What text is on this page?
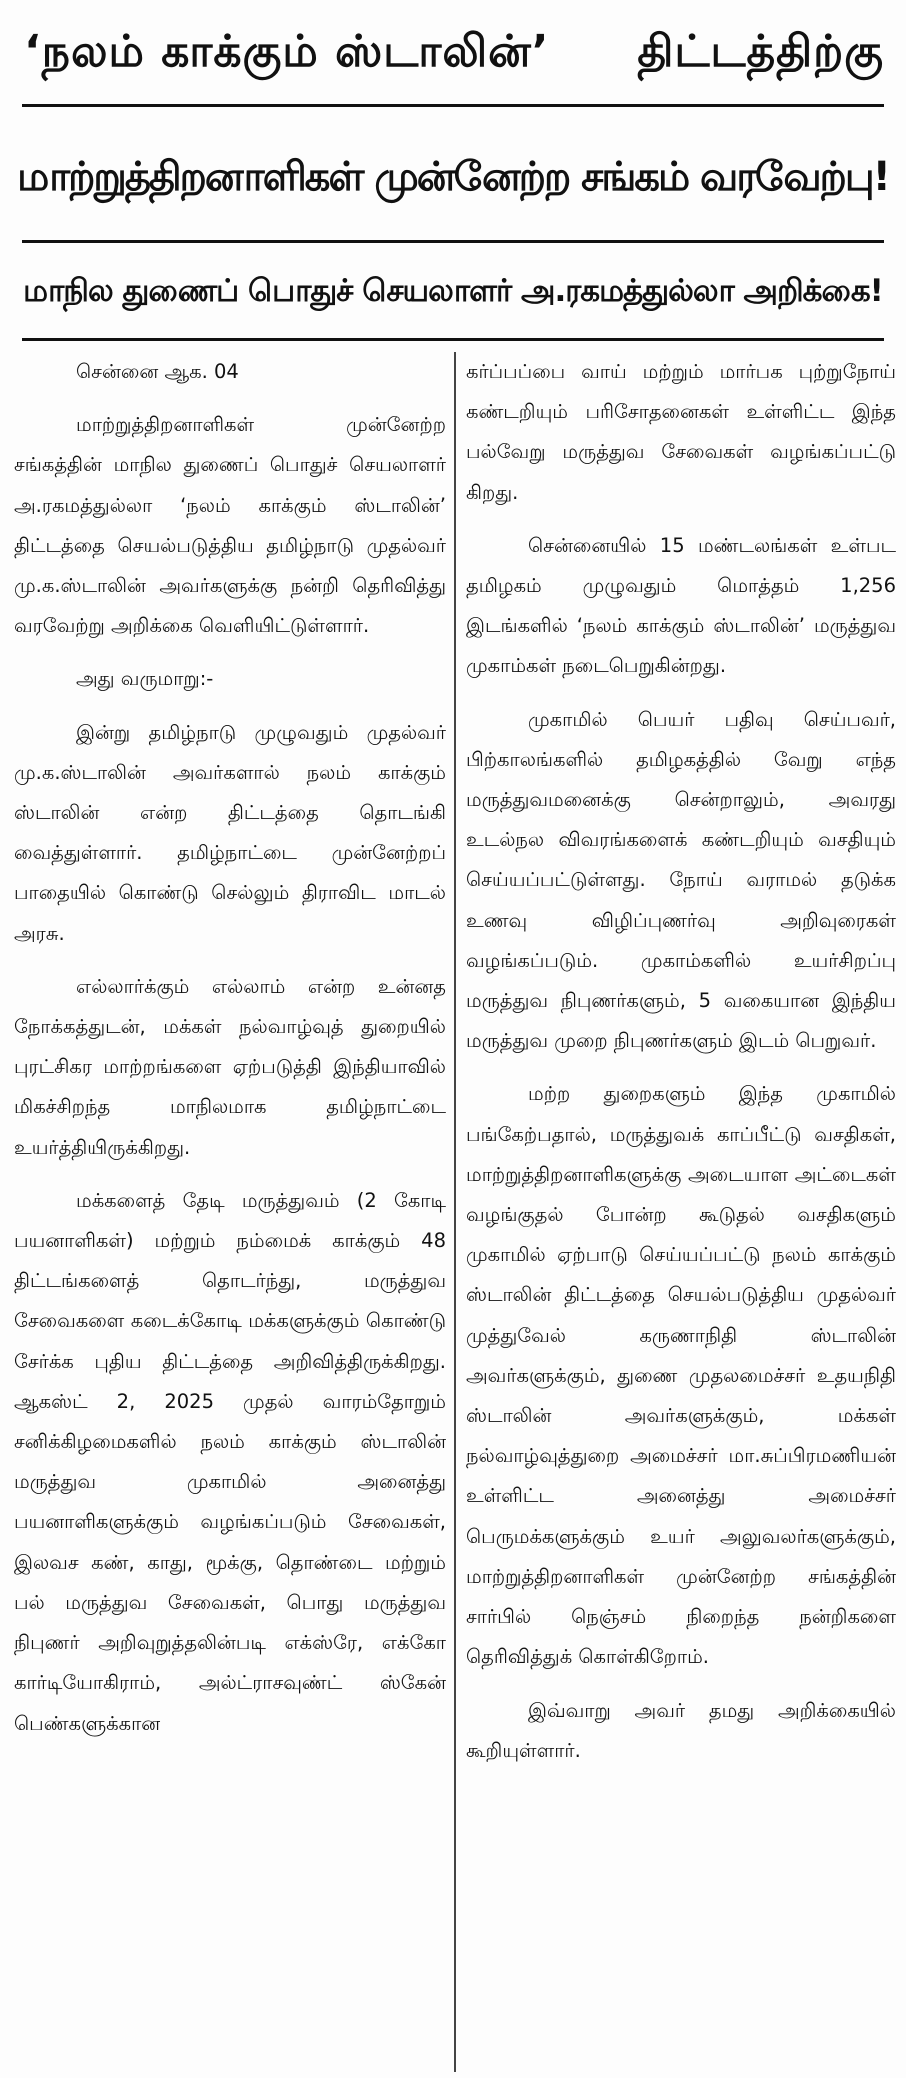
‘நலம் காக்கும் ஸ்டாலின்’ திட்டத்திற்கு
மாற்றுத்திறனாளிகள் முன்னேற்ற சங்கம் வரவேற்பு!
மாநில துணைப் பொதுச் செயலாளர் அ.ரகமத்துல்லா அறிக்கை!

சென்னை ஆக. 04

மாற்றுத்திறனாளிகள் முன்னேற்ற சங்கத்தின் மாநில துணைப் பொதுச் செயலாளர் அ.ரகமத்துல்லா ‘நலம் காக்கும் ஸ்டாலின்’ திட்டத்தை செயல்படுத்திய தமிழ்நாடு முதல்வர் மு.க.ஸ்டாலின் அவர்களுக்கு நன்றி தெரிவித்து வரவேற்று அறிக்கை வெளியிட்டுள்ளார்.

அது வருமாறு:-

இன்று தமிழ்நாடு முழுவதும் முதல்வர் மு.க.ஸ்டாலின் அவர்களால் நலம் காக்கும் ஸ்டாலின் என்ற திட்டத்தை தொடங்கி வைத்துள்ளார். தமிழ்நாட்டை முன்னேற்றப் பாதையில் கொண்டு செல்லும் திராவிட மாடல் அரசு.

எல்லார்க்கும் எல்லாம் என்ற உன்னத நோக்கத்துடன், மக்கள் நல்வாழ்வுத் துறையில் புரட்சிகர மாற்றங்களை ஏற்படுத்தி இந்தியாவில் மிகச்சிறந்த மாநிலமாக தமிழ்நாட்டை உயர்த்தியிருக்கிறது.

மக்களைத் தேடி மருத்துவம் (2 கோடி பயனாளிகள்) மற்றும் நம்மைக் காக்கும் 48 திட்டங்களைத் தொடர்ந்து, மருத்துவ சேவைகளை கடைக்கோடி மக்களுக்கும் கொண்டு சேர்க்க புதிய திட்டத்தை அறிவித்திருக்கிறது. ஆகஸ்ட் 2, 2025 முதல் வாரம்தோறும் சனிக்கிழமைகளில் நலம் காக்கும் ஸ்டாலின் மருத்துவ முகாமில் அனைத்து பயனாளிகளுக்கும் வழங்கப்படும் சேவைகள், இலவச கண், காது, மூக்கு, தொண்டை மற்றும் பல் மருத்துவ சேவைகள், பொது மருத்துவ நிபுணர் அறிவுறுத்தலின்படி எக்ஸ்ரே, எக்கோ கார்டியோகிராம், அல்ட்ராசவுண்ட் ஸ்கேன் பெண்களுக்கான

கர்ப்பப்பை வாய் மற்றும் மார்பக புற்றுநோய் கண்டறியும் பரிசோதனைகள் உள்ளிட்ட இந்த பல்வேறு மருத்துவ சேவைகள் வழங்கப்பட்டு கிறது.

சென்னையில் 15 மண்டலங்கள் உள்பட தமிழகம் முழுவதும் மொத்தம் 1,256 இடங்களில் ‘நலம் காக்கும் ஸ்டாலின்’ மருத்துவ முகாம்கள் நடைபெறுகின்றது.

முகாமில் பெயர் பதிவு செய்பவர், பிற்காலங்களில் தமிழகத்தில் வேறு எந்த மருத்துவமனைக்கு சென்றாலும், அவரது உடல்நல விவரங்களைக் கண்டறியும் வசதியும் செய்யப்பட்டுள்ளது. நோய் வராமல் தடுக்க உணவு விழிப்புணர்வு அறிவுரைகள் வழங்கப்படும். முகாம்களில் உயர்சிறப்பு மருத்துவ நிபுணர்களும், 5 வகையான இந்திய மருத்துவ முறை நிபுணர்களும் இடம் பெறுவர்.

மற்ற துறைகளும் இந்த முகாமில் பங்கேற்பதால், மருத்துவக் காப்பீட்டு வசதிகள், மாற்றுத்திறனாளிகளுக்கு அடையாள அட்டைகள் வழங்குதல் போன்ற கூடுதல் வசதிகளும் முகாமில் ஏற்பாடு செய்யப்பட்டு நலம் காக்கும் ஸ்டாலின் திட்டத்தை செயல்படுத்திய முதல்வர் முத்துவேல் கருணாநிதி ஸ்டாலின் அவர்களுக்கும், துணை முதலமைச்சர் உதயநிதி ஸ்டாலின் அவர்களுக்கும், மக்கள் நல்வாழ்வுத்துறை அமைச்சர் மா.சுப்பிரமணியன் உள்ளிட்ட அனைத்து அமைச்சர் பெருமக்களுக்கும் உயர் அலுவலர்களுக்கும், மாற்றுத்திறனாளிகள் முன்னேற்ற சங்கத்தின் சார்பில் நெஞ்சம் நிறைந்த நன்றிகளை தெரிவித்துக் கொள்கிறோம்.

இவ்வாறு அவர் தமது அறிக்கையில் கூறியுள்ளார்.
